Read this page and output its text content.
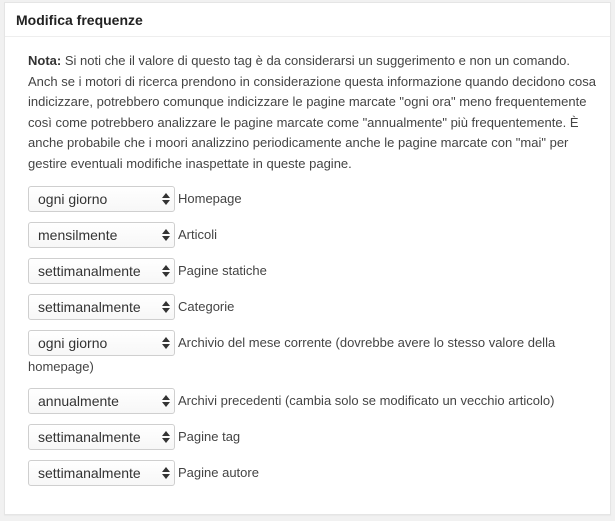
Modifica frequenze

Nota: Si noti che il valore di questo tag è da considerarsi un suggerimento e non un comando. Anch se i motori di ricerca prendono in considerazione questa informazione quando decidono cosa indicizzare, potrebbero comunque indicizzare le pagine marcate "ogni ora" meno frequentemente così come potrebbero analizzare le pagine marcate come "annualmente" più frequentemente. È anche probabile che i moori analizzino periodicamente anche le pagine marcate con "mai" per gestire eventuali modifiche inaspettate in queste pagine.

ogni giorno	Homepage
mensilmente	Articoli
settimanalmente	Pagine statiche
settimanalmente	Categorie
ogni giorno	Archivio del mese corrente (dovrebbe avere lo stesso valore della
homepage)
annualmente	Archivi precedenti (cambia solo se modificato un vecchio articolo)
settimanalmente	Pagine tag
settimanalmente	Pagine autore
